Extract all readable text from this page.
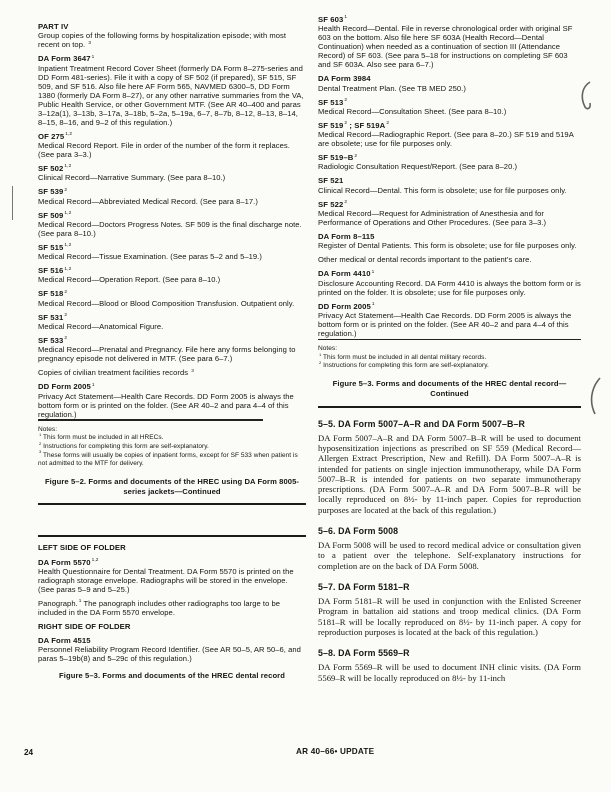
PART IV
Group copies of the following forms by hospitalization episode; with most recent on top. $^3$
DA Form 3647$^1$
Inpatient Treatment Record Cover Sheet (formerly DA Form 8–275-series and DD Form 481-series). File it with a copy of SF 502 (if prepared), SF 515, SF 509, and SF 516. Also file here AF Form 565, NAVMED 6300–5, DD Form 1380 (formerly DA Form 8–27), or any other narrative summaries from the VA, Public Health Service, or other Government MTF. (See AR 40–400 and paras 3–12a(1), 3–13b, 3–17a, 3–18b, 5–2a, 5–19a, 6–7, 8–7b, 8–12, 8–13, 8–14, 8–15, 8–16, and 9–2 of this regulation.)
OF 275$^{1,2}$
Medical Record Report. File in order of the number of the form it replaces. (See para 3–3.)
SF 502$^{1,2}$
Clinical Record—Narrative Summary. (See para 8–10.)
SF $539^2$
Medical Record—Abbreviated Medical Record. (See para 8–17.)
SF 509$^{1,2}$
Medical Record—Doctors Progress Notes. SF 509 is the final discharge note. (See para 8–10.)
SF 515$^{1,2}$
Medical Record—Tissue Examination. (See paras 5–2 and 5–19.)
SF 516$^{1,2}$
Medical Record—Operation Report. (See para 8–10.)
SF $518^2$
Medical Record—Blood or Blood Composition Transfusion. Outpatient only.
SF $531^2$
Medical Record—Anatomical Figure.
SF $533^2$
Medical Record—Prenatal and Pregnancy. File here any forms belonging to pregnancy episode not delivered in MTF. (See para 6–7.)
Copies of civilian treatment facilities records $^3$
DD Form 2005$^1$
Privacy Act Statement—Health Care Records. DD Form 2005 is always the bottom form or is printed on the folder. (See AR 40–2 and para 4–4 of this regulation.)
Notes:
$^1$ This form must be included in all HRECs.
$^2$ Instructions for completing this form are self-explanatory.
$^3$ These forms will usually be copies of inpatient forms, except for SF 533 when patient is not admitted to the MTF for delivery.

Figure 5–2. Forms and documents of the HREC using DA Form 8005-series jackets—Continued

LEFT SIDE OF FOLDER
DA Form 5570$^{1,2}$
Health Questionnaire for Dental Treatment. DA Form 5570 is printed on the radiograph storage envelope. Radiographs will be stored in the envelope. (See paras 5–9 and 5–25.)
Panograph.$^1$ The panograph includes other radiographs too large to be included in the DA Form 5570 envelope.
RIGHT SIDE OF FOLDER
DA Form 4515
Personnel Reliability Program Record Identifier. (See AR 50–5, AR 50–6, and paras 5–19b(8) and 5–29c of this regulation.)

Figure 5–3. Forms and documents of the HREC dental record

SF $603^1$
Health Record—Dental. File in reverse chronological order with original SF 603 on the bottom. Also file here SF 603A (Health Record—Dental Continuation) when needed as a continuation of section III (Attendance Record) of SF 603. (See para 5–18 for instructions on completing SF 603 and SF 603A. Also see para 6–7.)
DA Form 3984
Dental Treatment Plan. (See TB MED 250.)
SF $513^2$
Medical Record—Consultation Sheet. (See para 8–10.)
SF $519^2$ ; SF $519A^2$
Medical Record—Radiographic Report. (See para 8–20.) SF 519 and 519A are obsolete; use for file purposes only.
SF $519-B^2$
Radiologic Consultation Request/Report. (See para 8–20.)
SF 521
Clinical Record—Dental. This form is obsolete; use for file purposes only.
SF $522^2$
Medical Record—Request for Administration of Anesthesia and for Performance of Operations and Other Procedures. (See para 3–3.)
DA Form 8–115
Register of Dental Patients. This form is obsolete; use for file purposes only.
Other medical or dental records important to the patient's care.
DA Form 4410$^1$
Disclosure Accounting Record. DA Form 4410 is always the bottom form or is printed on the folder. It is obsolete; use for file purposes only.
DD Form 2005$^1$
Privacy Act Statement—Health Cae Records. DD Form 2005 is always the bottom form or is printed on the folder. (See AR 40–2 and para 4–4 of this regulation.)
Notes:
$^1$ This form must be included in all dental military records.
$^2$ Instructions for completing this form are self-explanatory.

Figure 5–3. Forms and documents of the HREC dental record—Continued

5–5. DA Form 5007–A–R and DA Form 5007–B–R
DA Form 5007–A–R and DA Form 5007–B–R will be used to document hyposensitization injections as prescribed on SF 559 (Medical Record—Allergen Extract Prescription, New and Refill). DA Form 5007–A–R is intended for patients on single injection immunotherapy, while DA Form 5007–B–R is intended for patients on two separate immunotherapy prescriptions. (DA Form 5007–A–R and DA Form 5007–B–R will be locally reproduced on 8½- by 11-inch paper. Copies for reproduction purposes are located at the back of this regulation.)
5–6. DA Form 5008
DA Form 5008 will be used to record medical advice or consultation given to a patient over the telephone. Self-explanatory instructions for completion are on the back of DA Form 5008.
5–7. DA Form 5181–R
DA Form 5181–R will be used in conjunction with the Enlisted Screener Program in battalion aid stations and troop medical clinics. (DA Form 5181–R will be locally reproduced on 8½- by 11-inch paper. A copy for reproduction purposes is located at the back of this regulation.)
5–8. DA Form 5569–R
DA Form 5569–R will be used to document INH clinic visits. (DA Form 5569–R will be locally reproduced on 8½- by 11-inch
24	AR 40–66• UPDATE
